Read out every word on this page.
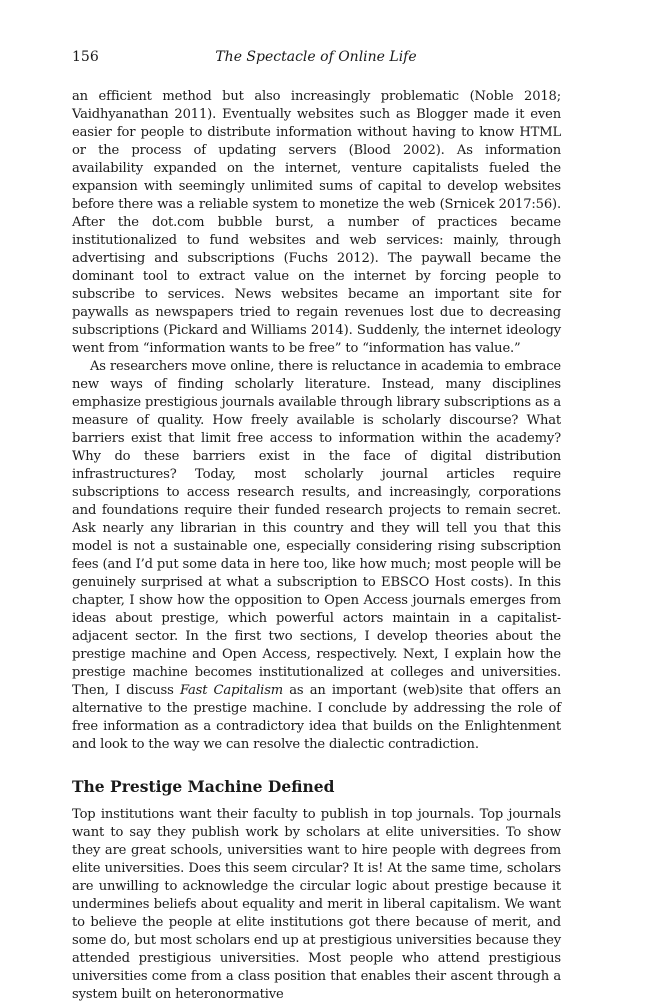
156	The Spectacle of Online Life

an efficient method but also increasingly problematic (Noble 2018; Vaidhyanathan 2011). Eventually websites such as Blogger made it even easier for people to distribute information without having to know HTML or the process of updating servers (Blood 2002). As information availability expanded on the internet, venture capitalists fueled the expansion with seemingly unlimited sums of capital to develop websites before there was a reliable system to monetize the web (Srnicek 2017:56). After the dot.com bubble burst, a number of practices became institutionalized to fund websites and web services: mainly, through advertising and subscriptions (Fuchs 2012). The paywall became the dominant tool to extract value on the internet by forcing people to subscribe to services. News websites became an important site for paywalls as newspapers tried to regain revenues lost due to decreasing subscriptions (Pickard and Williams 2014). Suddenly, the internet ideology went from “information wants to be free” to “information has value.”

As researchers move online, there is reluctance in academia to embrace new ways of finding scholarly literature. Instead, many disciplines emphasize prestigious journals available through library subscriptions as a measure of quality. How freely available is scholarly discourse? What barriers exist that limit free access to information within the academy? Why do these barriers exist in the face of digital distribution infrastructures? Today, most scholarly journal articles require subscriptions to access research results, and increasingly, corporations and foundations require their funded research projects to remain secret. Ask nearly any librarian in this country and they will tell you that this model is not a sustainable one, especially considering rising subscription fees (and I’d put some data in here too, like how much; most people will be genuinely surprised at what a subscription to EBSCO Host costs). In this chapter, I show how the opposition to Open Access journals emerges from ideas about prestige, which powerful actors maintain in a capitalist-adjacent sector. In the first two sections, I develop theories about the prestige machine and Open Access, respectively. Next, I explain how the prestige machine becomes institutionalized at colleges and universities. Then, I discuss Fast Capitalism as an important (web)site that offers an alternative to the prestige machine. I conclude by addressing the role of free information as a contradictory idea that builds on the Enlightenment and look to the way we can resolve the dialectic contradiction.

The Prestige Machine Defined

Top institutions want their faculty to publish in top journals. Top journals want to say they publish work by scholars at elite universities. To show they are great schools, universities want to hire people with degrees from elite universities. Does this seem circular? It is! At the same time, scholars are unwilling to acknowledge the circular logic about prestige because it undermines beliefs about equality and merit in liberal capitalism. We want to believe the people at elite institutions got there because of merit, and some do, but most scholars end up at prestigious universities because they attended prestigious universities. Most people who attend prestigious universities come from a class position that enables their ascent through a system built on heteronormative
